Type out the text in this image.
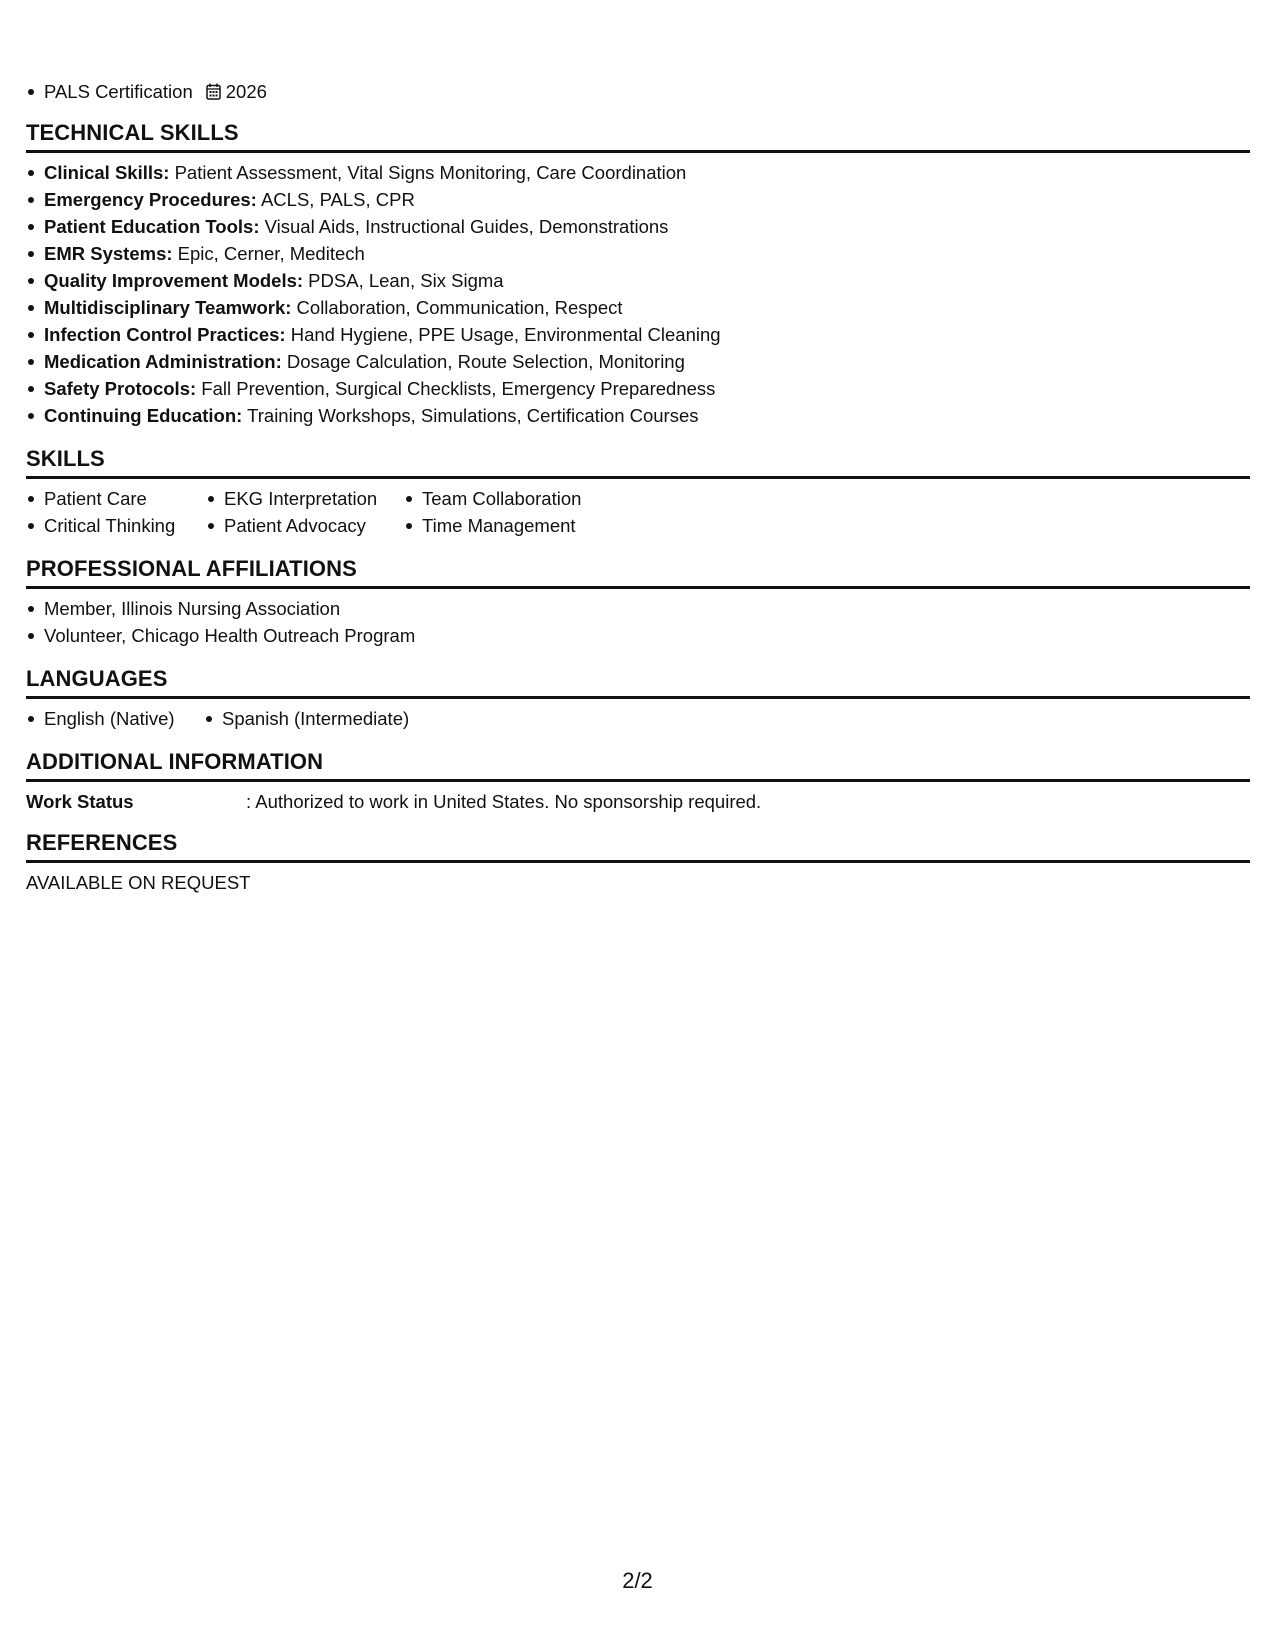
PALS Certification 2026
TECHNICAL SKILLS
Clinical Skills: Patient Assessment, Vital Signs Monitoring, Care Coordination
Emergency Procedures: ACLS, PALS, CPR
Patient Education Tools: Visual Aids, Instructional Guides, Demonstrations
EMR Systems: Epic, Cerner, Meditech
Quality Improvement Models: PDSA, Lean, Six Sigma
Multidisciplinary Teamwork: Collaboration, Communication, Respect
Infection Control Practices: Hand Hygiene, PPE Usage, Environmental Cleaning
Medication Administration: Dosage Calculation, Route Selection, Monitoring
Safety Protocols: Fall Prevention, Surgical Checklists, Emergency Preparedness
Continuing Education: Training Workshops, Simulations, Certification Courses
SKILLS
Patient Care	EKG Interpretation	Team Collaboration
Critical Thinking	Patient Advocacy	Time Management
PROFESSIONAL AFFILIATIONS
Member, Illinois Nursing Association
Volunteer, Chicago Health Outreach Program
LANGUAGES
English (Native)	Spanish (Intermediate)
ADDITIONAL INFORMATION
Work Status	: Authorized to work in United States. No sponsorship required.
REFERENCES
AVAILABLE ON REQUEST
2/2
